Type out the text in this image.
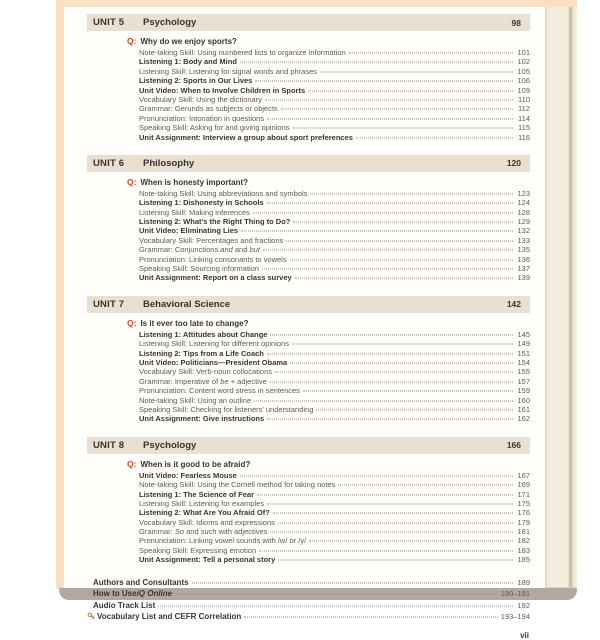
UNIT 5	Psychology	98
Q: Why do we enjoy sports?
Note-taking Skill: Using numbered lists to organize information	101
Listening 1: Body and Mind	102
Listening Skill: Listening for signal words and phrases	105
Listening 2: Sports in Our Lives	106
Unit Video: When to Involve Children in Sports	109
Vocabulary Skill: Using the dictionary	110
Grammar: Gerunds as subjects or objects	112
Pronunciation: Intonation in questions	114
Speaking Skill: Asking for and giving opinions	115
Unit Assignment: Interview a group about sport preferences	116
UNIT 6	Philosophy	120
Q: When is honesty important?
Note-taking Skill: Using abbreviations and symbols	123
Listening 1: Dishonesty in Schools	124
Listening Skill: Making inferences	128
Listening 2: What’s the Right Thing to Do?	129
Unit Video: Eliminating Lies	132
Vocabulary Skill: Percentages and fractions	133
Grammar: Conjunctions and and but	135
Pronunciation: Linking consonants to vowels	136
Speaking Skill: Sourcing information	137
Unit Assignment: Report on a class survey	139
UNIT 7	Behavioral Science	142
Q: Is it ever too late to change?
Listening 1: Attitudes about Change	145
Listening Skill: Listening for different opinions	149
Listening 2: Tips from a Life Coach	151
Unit Video: Politicians—President Obama	154
Vocabulary Skill: Verb-noun collocations	155
Grammar: Imperative of be + adjective	157
Pronunciation: Content word stress in sentences	159
Note-taking Skill: Using an outline	160
Speaking Skill: Checking for listeners’ understanding	161
Unit Assignment: Give instructions	162
UNIT 8	Psychology	166
Q: When is it good to be afraid?
Unit Video: Fearless Mouse	167
Note-taking Skill: Using the Cornell method for taking notes	169
Listening 1: The Science of Fear	171
Listening Skill: Listening for examples	175
Listening 2: What Are You Afraid Of?	176
Vocabulary Skill: Idioms and expressions	179
Grammar: So and such with adjectives	181
Pronunciation: Linking vowel sounds with /w/ or /y/	182
Speaking Skill: Expressing emotion	183
Unit Assignment: Tell a personal story	185
Authors and Consultants	189
How to Use iQ Online	190–191
Audio Track List	192
Vocabulary List and CEFR Correlation	193–194
vii
